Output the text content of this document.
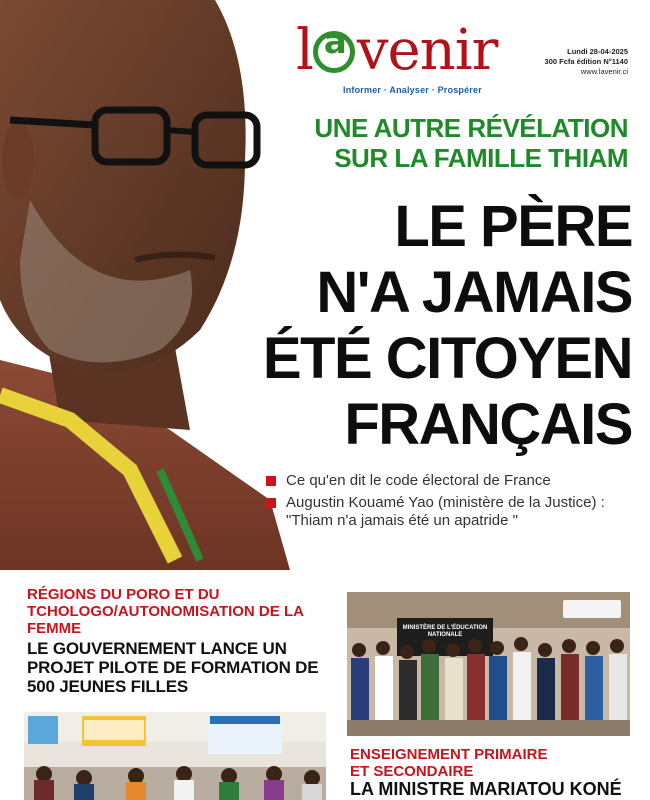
la venir
Informer · Analyser · Prospérer
Lundi 28-04-2025
300 Fcfa édition N°1140
www.lavenir.ci
UNE AUTRE RÉVÉLATION
SUR LA FAMILLE THIAM
LE PÈRE
N'A JAMAIS
ÉTÉ CITOYEN
FRANÇAIS
Ce qu'en dit le code électoral de France
Augustin Kouamé Yao (ministère de la Justice) : "Thiam n'a jamais été un apatride "
RÉGIONS DU PORO ET DU TCHOLOGO/AUTONOMISATION DE LA FEMME
LE GOUVERNEMENT LANCE UN PROJET PILOTE DE FORMATION DE 500 JEUNES FILLES
MINISTÈRE DE L'ÉDUCATION NATIONALE
ENSEIGNEMENT PRIMAIRE
ET SECONDAIRE
LA MINISTRE MARIATOU KONÉ
